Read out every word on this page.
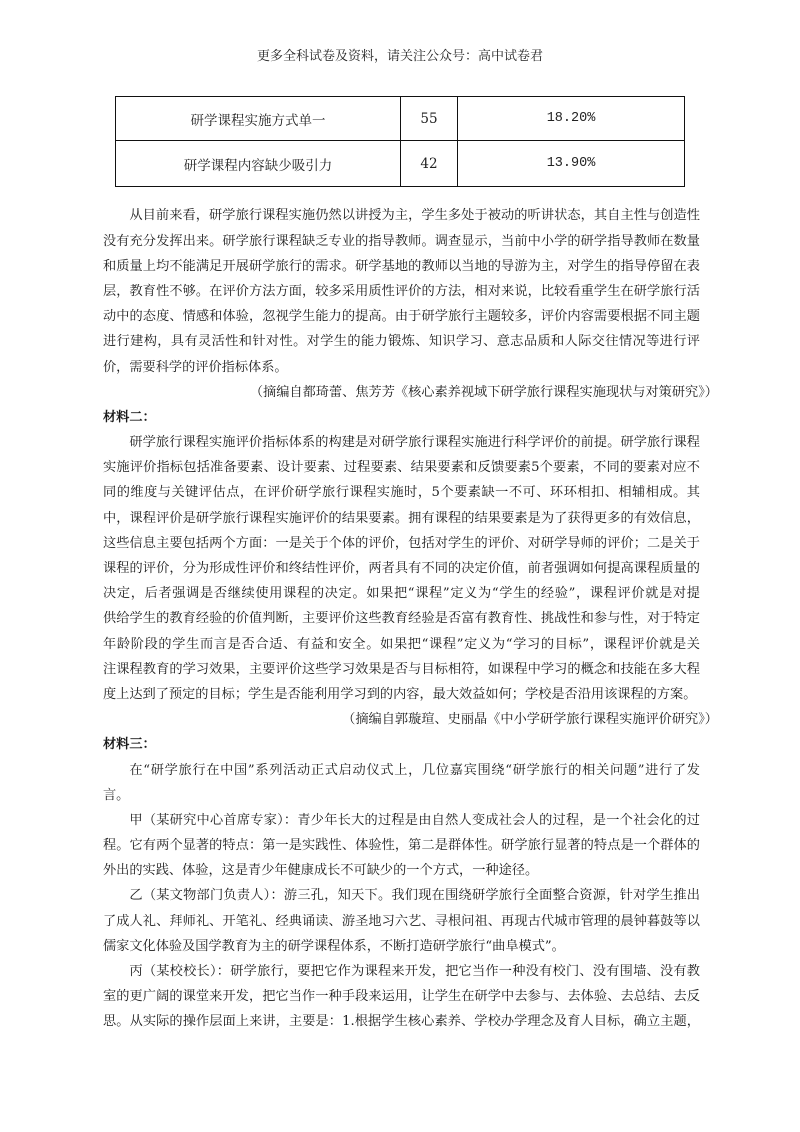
更多全科试卷及资料，请关注公众号：高中试卷君
研学课程实施方式单一	55	18.20%
研学课程内容缺少吸引力	42	13.90%
从目前来看，研学旅行课程实施仍然以讲授为主，学生多处于被动的听讲状态，其自主性与创造性
没有充分发挥出来。研学旅行课程缺乏专业的指导教师。调查显示，当前中小学的研学指导教师在数量
和质量上均不能满足开展研学旅行的需求。研学基地的教师以当地的导游为主，对学生的指导停留在表
层，教育性不够。在评价方法方面，较多采用质性评价的方法，相对来说，比较看重学生在研学旅行活
动中的态度、情感和体验，忽视学生能力的提高。由于研学旅行主题较多，评价内容需要根据不同主题
进行建构，具有灵活性和针对性。对学生的能力锻炼、知识学习、意志品质和人际交往情况等进行评
价，需要科学的评价指标体系。
（摘编自都琦蕾、焦芳芳《核心素养视域下研学旅行课程实施现状与对策研究》）
材料二：
研学旅行课程实施评价指标体系的构建是对研学旅行课程实施进行科学评价的前提。研学旅行课程
实施评价指标包括准备要素、设计要素、过程要素、结果要素和反馈要素5个要素，不同的要素对应不
同的维度与关键评估点，在评价研学旅行课程实施时，5个要素缺一不可、环环相扣、相辅相成。其
中，课程评价是研学旅行课程实施评价的结果要素。拥有课程的结果要素是为了获得更多的有效信息，
这些信息主要包括两个方面：一是关于个体的评价，包括对学生的评价、对研学导师的评价；二是关于
课程的评价，分为形成性评价和终结性评价，两者具有不同的决定价值，前者强调如何提高课程质量的
决定，后者强调是否继续使用课程的决定。如果把“课程”定义为“学生的经验”，课程评价就是对提
供给学生的教育经验的价值判断，主要评价这些教育经验是否富有教育性、挑战性和参与性，对于特定
年龄阶段的学生而言是否合适、有益和安全。如果把“课程”定义为“学习的目标”，课程评价就是关
注课程教育的学习效果，主要评价这些学习效果是否与目标相符，如课程中学习的概念和技能在多大程
度上达到了预定的目标；学生是否能利用学习到的内容，最大效益如何；学校是否沿用该课程的方案。
（摘编自郭璇瑄、史丽晶《中小学研学旅行课程实施评价研究》）
材料三：
在“研学旅行在中国”系列活动正式启动仪式上，几位嘉宾围绕“研学旅行的相关问题”进行了发
言。
甲（某研究中心首席专家）：青少年长大的过程是由自然人变成社会人的过程，是一个社会化的过
程。它有两个显著的特点：第一是实践性、体验性，第二是群体性。研学旅行显著的特点是一个群体的
外出的实践、体验，这是青少年健康成长不可缺少的一个方式，一种途径。
乙（某文物部门负责人）：游三孔，知天下。我们现在围绕研学旅行全面整合资源，针对学生推出
了成人礼、拜师礼、开笔礼、经典诵读、游圣地习六艺、寻根问祖、再现古代城市管理的晨钟暮鼓等以
儒家文化体验及国学教育为主的研学课程体系，不断打造研学旅行“曲阜模式”。
丙（某校校长）：研学旅行，要把它作为课程来开发，把它当作一种没有校门、没有围墙、没有教
室的更广阔的课堂来开发，把它当作一种手段来运用，让学生在研学中去参与、去体验、去总结、去反
思。从实际的操作层面上来讲，主要是：1.根据学生核心素养、学校办学理念及育人目标，确立主题，
